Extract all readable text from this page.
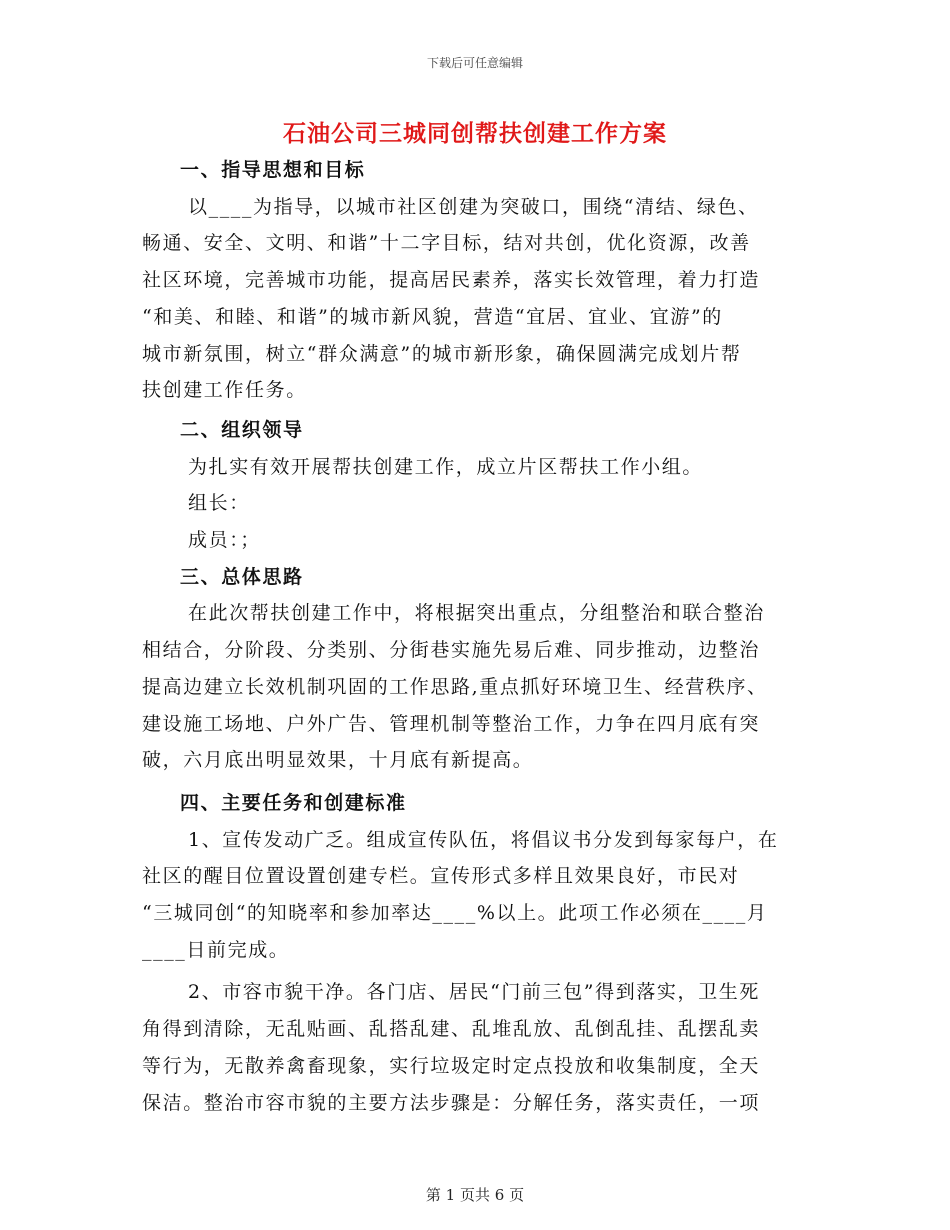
下载后可任意编辑
石油公司三城同创帮扶创建工作方案

一、指导思想和目标

以____为指导，以城市社区创建为突破口，围绕“清结、绿色、
畅通、安全、文明、和谐”十二字目标，结对共创，优化资源，改善
社区环境，完善城市功能，提高居民素养，落实长效管理，着力打造
“和美、和睦、和谐”的城市新风貌，营造“宜居、宜业、宜游”的
城市新氛围，树立“群众满意”的城市新形象，确保圆满完成划片帮
扶创建工作任务。

二、组织领导

为扎实有效开展帮扶创建工作，成立片区帮扶工作小组。
组长：
成员：；

三、总体思路

在此次帮扶创建工作中，将根据突出重点，分组整治和联合整治
相结合，分阶段、分类别、分街巷实施先易后难、同步推动，边整治
提高边建立长效机制巩固的工作思路,重点抓好环境卫生、经营秩序、
建设施工场地、户外广告、管理机制等整治工作，力争在四月底有突
破，六月底出明显效果，十月底有新提高。

四、主要任务和创建标准

1、宣传发动广乏。组成宣传队伍，将倡议书分发到每家每户，在
社区的醒目位置设置创建专栏。宣传形式多样且效果良好，市民对
“三城同创“的知晓率和参加率达____%以上。此项工作必须在____月
____日前完成。
2、市容市貌干净。各门店、居民“门前三包”得到落实，卫生死
角得到清除，无乱贴画、乱搭乱建、乱堆乱放、乱倒乱挂、乱摆乱卖
等行为，无散养禽畜现象，实行垃圾定时定点投放和收集制度，全天
保洁。整治市容市貌的主要方法步骤是：分解任务，落实责任，一项
第 1 页共 6 页
